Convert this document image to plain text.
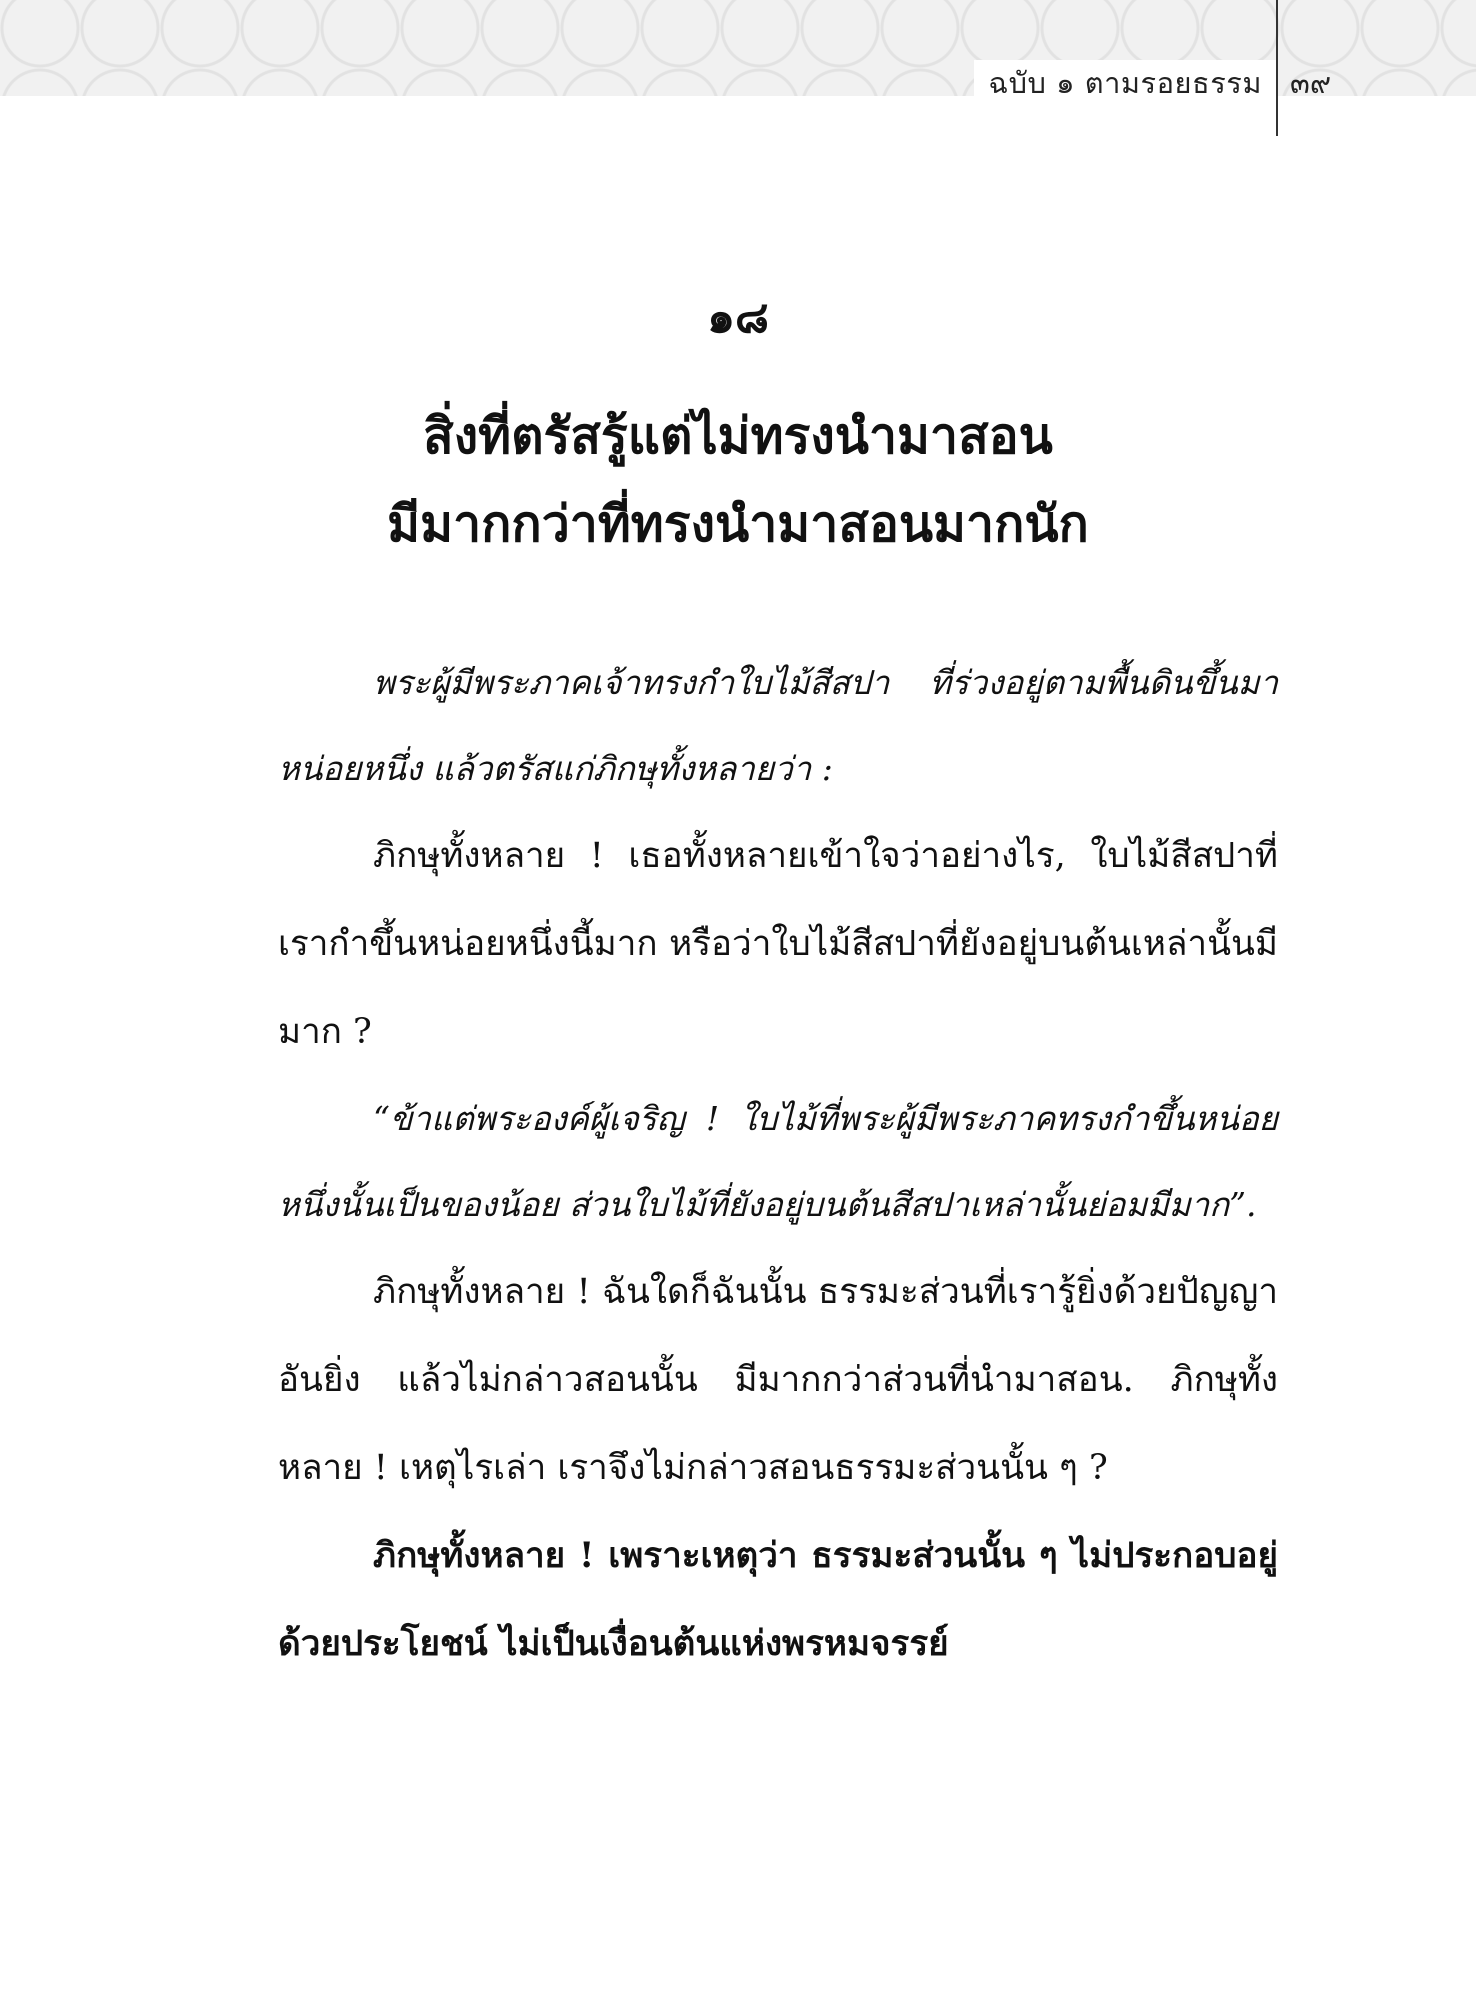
ฉบับ ๑ ตามรอยธรรม ๓๙
๑๘
สิ่งที่ตรัสรู้แต่ไม่ทรงนำมาสอน
มีมากกว่าที่ทรงนำมาสอนมากนัก

พระผู้มีพระภาคเจ้าทรงกำใบไม้สีสปา ที่ร่วงอยู่ตามพื้นดินขึ้นมาหน่อยหนึ่ง แล้วตรัสแก่ภิกษุทั้งหลายว่า :

ภิกษุทั้งหลาย ! เธอทั้งหลายเข้าใจว่าอย่างไร, ใบไม้สีสปาที่เรากำขึ้นหน่อยหนึ่งนี้มาก หรือว่าใบไม้สีสปาที่ยังอยู่บนต้นเหล่านั้นมีมาก ?

“ข้าแต่พระองค์ผู้เจริญ ! ใบไม้ที่พระผู้มีพระภาคทรงกำขึ้นหน่อยหนึ่งนั้นเป็นของน้อย ส่วนใบไม้ที่ยังอยู่บนต้นสีสปาเหล่านั้นย่อมมีมาก”.

ภิกษุทั้งหลาย ! ฉันใดก็ฉันนั้น ธรรมะส่วนที่เรารู้ยิ่งด้วยปัญญาอันยิ่ง แล้วไม่กล่าวสอนนั้น มีมากกว่าส่วนที่นำมาสอน. ภิกษุทั้งหลาย ! เหตุไรเล่า เราจึงไม่กล่าวสอนธรรมะส่วนนั้น ๆ ?

ภิกษุทั้งหลาย ! เพราะเหตุว่า ธรรมะส่วนนั้น ๆ ไม่ประกอบอยู่ด้วยประโยชน์ ไม่เป็นเงื่อนต้นแห่งพรหมจรรย์
